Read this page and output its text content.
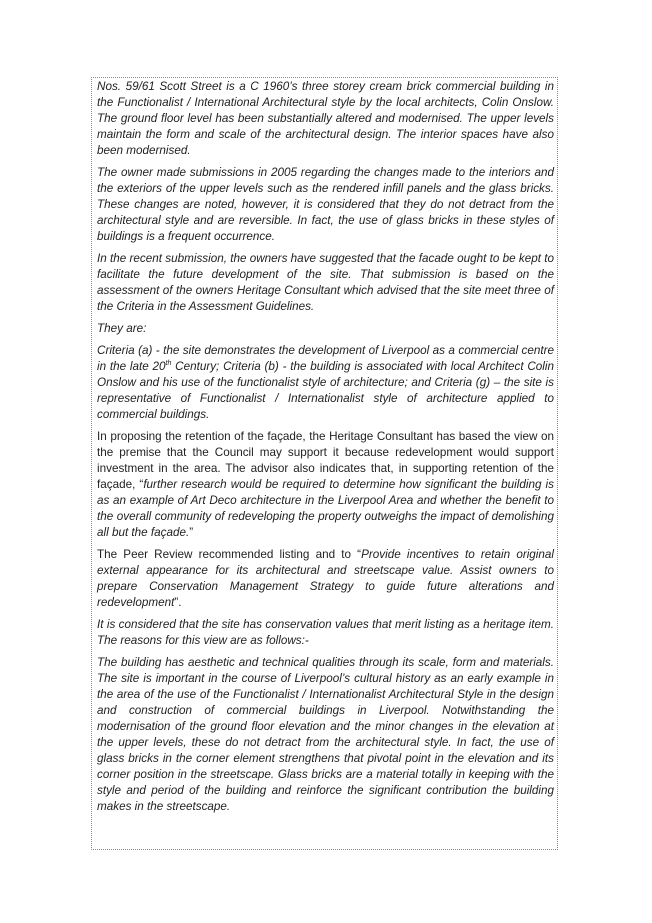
Nos. 59/61 Scott Street is a C 1960’s three storey cream brick commercial building in the Functionalist / International Architectural style by the local architects, Colin Onslow. The ground floor level has been substantially altered and modernised. The upper levels maintain the form and scale of the architectural design. The interior spaces have also been modernised.

The owner made submissions in 2005 regarding the changes made to the interiors and the exteriors of the upper levels such as the rendered infill panels and the glass bricks. These changes are noted, however, it is considered that they do not detract from the architectural style and are reversible. In fact, the use of glass bricks in these styles of buildings is a frequent occurrence.

In the recent submission, the owners have suggested that the facade ought to be kept to facilitate the future development of the site. That submission is based on the assessment of the owners Heritage Consultant which advised that the site meet three of the Criteria in the Assessment Guidelines.

They are:

Criteria (a) - the site demonstrates the development of Liverpool as a commercial centre in the late 20th Century; Criteria (b) - the building is associated with local Architect Colin Onslow and his use of the functionalist style of architecture; and Criteria (g) – the site is representative of Functionalist / Internationalist style of architecture applied to commercial buildings.

In proposing the retention of the façade, the Heritage Consultant has based the view on the premise that the Council may support it because redevelopment would support investment in the area. The advisor also indicates that, in supporting retention of the façade, “further research would be required to determine how significant the building is as an example of Art Deco architecture in the Liverpool Area and whether the benefit to the overall community of redeveloping the property outweighs the impact of demolishing all but the façade.”

The Peer Review recommended listing and to “Provide incentives to retain original external appearance for its architectural and streetscape value. Assist owners to prepare Conservation Management Strategy to guide future alterations and redevelopment”.

It is considered that the site has conservation values that merit listing as a heritage item. The reasons for this view are as follows:-

The building has aesthetic and technical qualities through its scale, form and materials. The site is important in the course of Liverpool’s cultural history as an early example in the area of the use of the Functionalist / Internationalist Architectural Style in the design and construction of commercial buildings in Liverpool. Notwithstanding the modernisation of the ground floor elevation and the minor changes in the elevation at the upper levels, these do not detract from the architectural style. In fact, the use of glass bricks in the corner element strengthens that pivotal point in the elevation and its corner position in the streetscape. Glass bricks are a material totally in keeping with the style and period of the building and reinforce the significant contribution the building makes in the streetscape.
